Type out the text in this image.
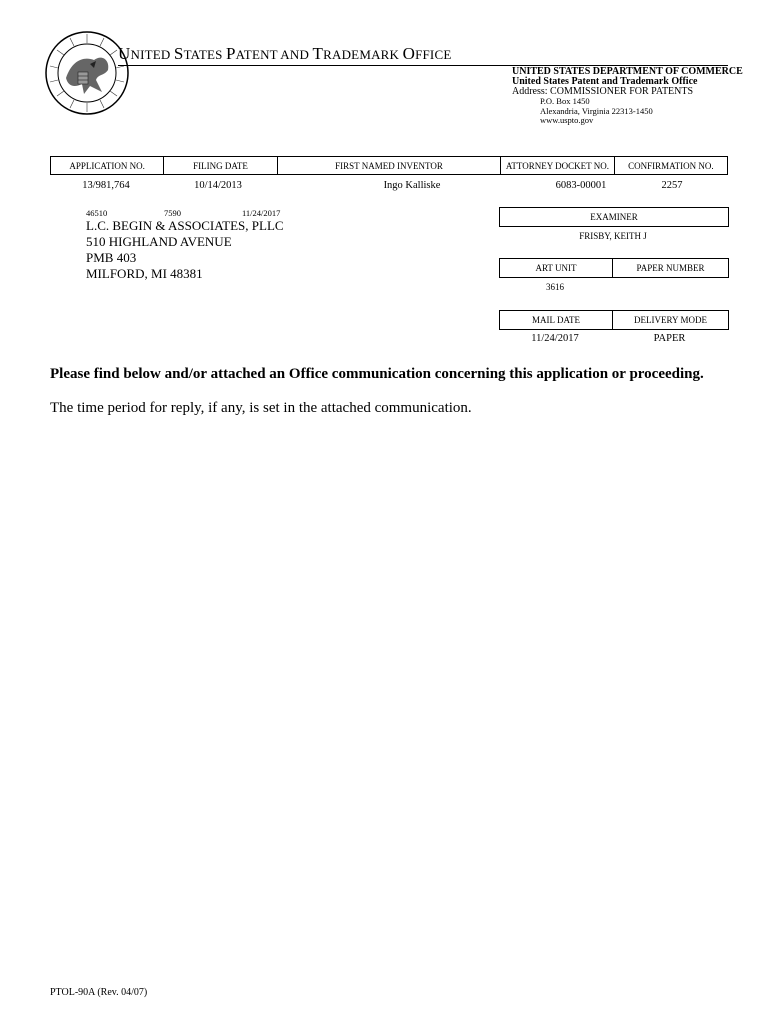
UNITED STATES PATENT AND TRADEMARK OFFICE
UNITED STATES DEPARTMENT OF COMMERCE
United States Patent and Trademark Office
Address: COMMISSIONER FOR PATENTS
P.O. Box 1450
Alexandria, Virginia 22313-1450
www.uspto.gov
APPLICATION NO.	FILING DATE	FIRST NAMED INVENTOR	ATTORNEY DOCKET NO.	CONFIRMATION NO.
13/981,764	10/14/2013	Ingo Kalliske	6083-00001	2257
46510	7590	11/24/2017
L.C. BEGIN & ASSOCIATES, PLLC
510 HIGHLAND AVENUE
PMB 403
MILFORD, MI 48381
EXAMINER
FRISBY, KEITH J
ART UNIT	PAPER NUMBER
3616
MAIL DATE	DELIVERY MODE
11/24/2017	PAPER
Please find below and/or attached an Office communication concerning this application or proceeding.
The time period for reply, if any, is set in the attached communication.
PTOL-90A (Rev. 04/07)
